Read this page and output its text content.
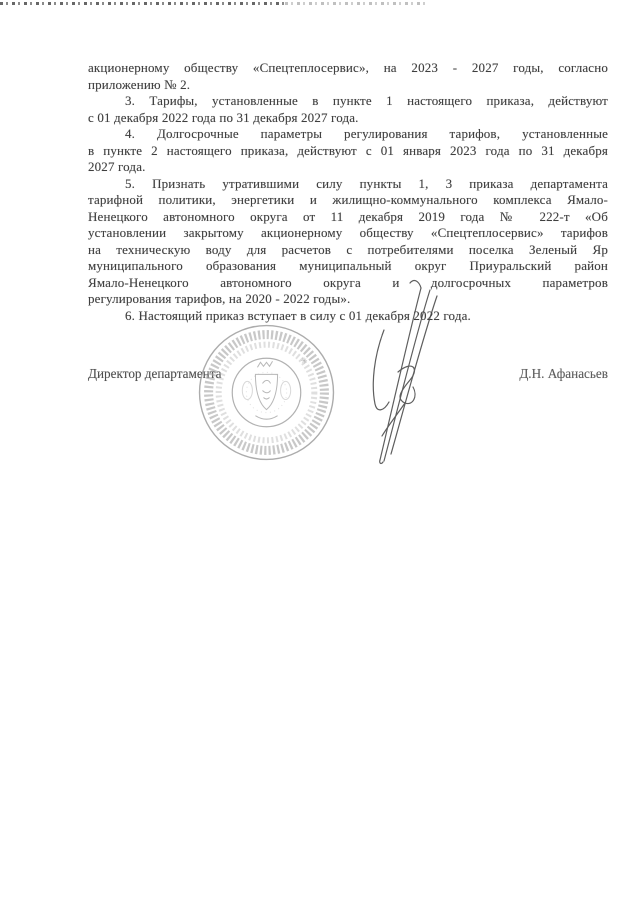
акционерному обществу «Спецтеплосервис», на 2023 - 2027 годы, согласно
приложению № 2.
3. Тарифы, установленные в пункте 1 настоящего приказа, действуют
с 01 декабря 2022 года по 31 декабря 2027 года.
4. Долгосрочные параметры регулирования тарифов, установленные
в пункте 2 настоящего приказа, действуют с 01 января 2023 года по 31 декабря
2027 года.
5. Признать утратившими силу пункты 1, 3 приказа департамента
тарифной политики, энергетики и жилищно-коммунального комплекса Ямало-
Ненецкого автономного округа от 11 декабря 2019 года № 222-т «Об
установлении закрытому акционерному обществу «Спецтеплосервис» тарифов
на техническую воду для расчетов с потребителями поселка Зеленый Яр
муниципального образования муниципальный округ Приуральский район
Ямало-Ненецкого автономного округа и долгосрочных параметров
регулирования тарифов, на 2020 - 2022 годы».
6. Настоящий приказ вступает в силу с 01 декабря 2022 года.
Директор департамента	Д.Н. Афанасьев
✳
